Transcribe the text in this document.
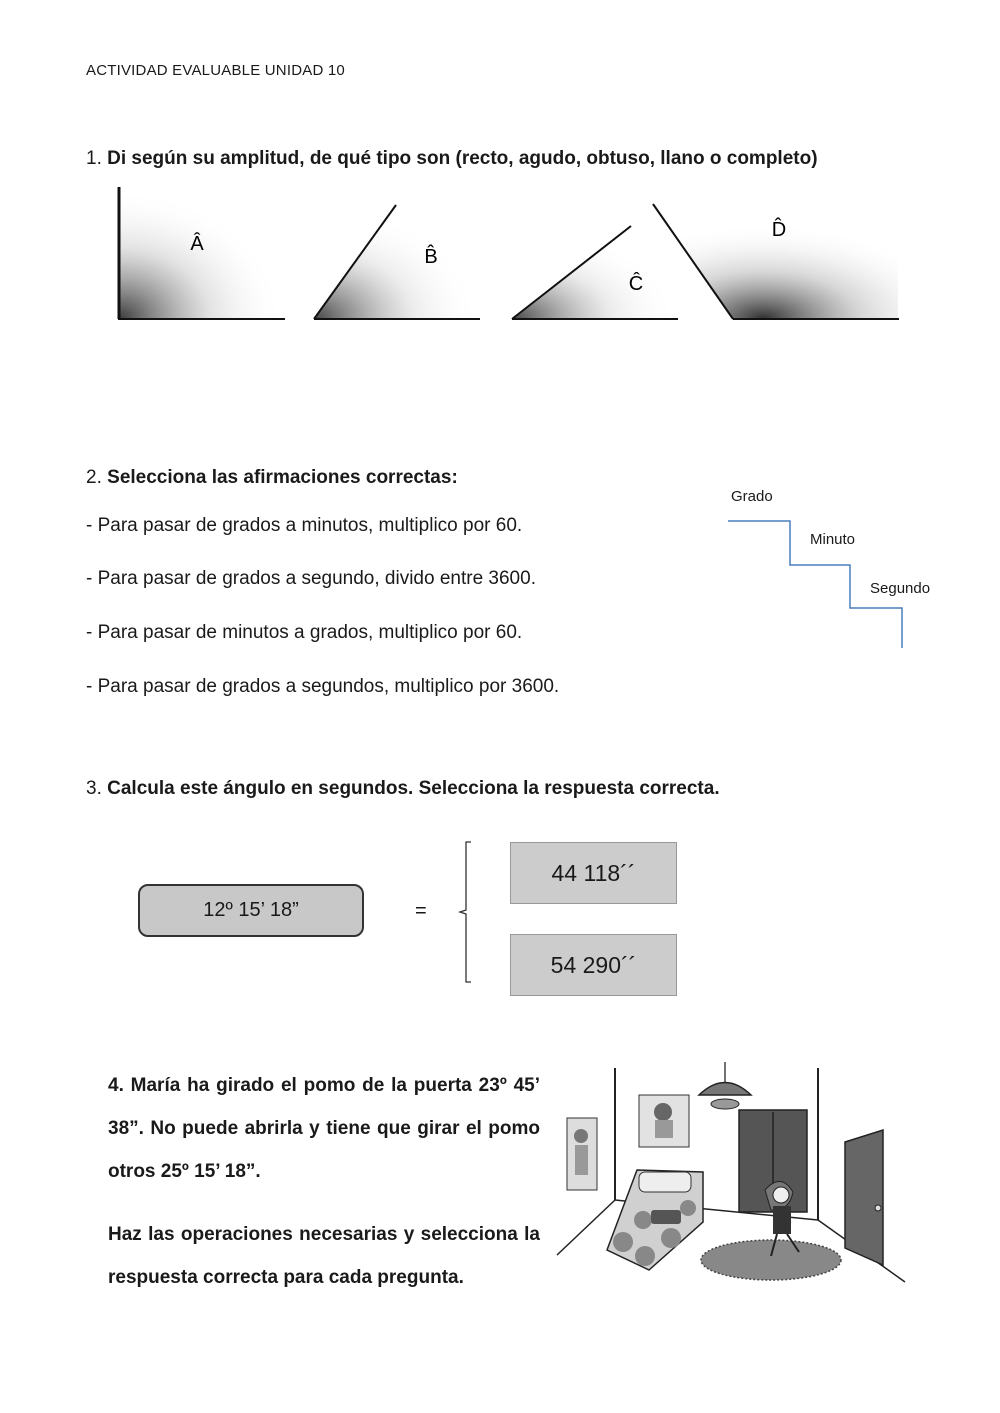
ACTIVIDAD EVALUABLE UNIDAD 10
1. Di según su amplitud, de qué tipo son (recto, agudo, obtuso, llano o completo)
Â
B̂
Ĉ
D̂
2. Selecciona las afirmaciones correctas:
- Para pasar de grados a minutos, multiplico por 60.
- Para pasar de grados a segundo, divido entre 3600.
- Para pasar de minutos a grados, multiplico por 60.
- Para pasar de grados a segundos, multiplico por 3600.
Grado
Minuto
Segundo
3. Calcula este ángulo en segundos. Selecciona la respuesta correcta.
12º 15’ 18”	=
44 118´´
54 290´´
4. María ha girado el pomo de la puerta 23º 45’ 38”. No puede abrirla y tiene que girar el pomo otros 25º 15’ 18”.
Haz las operaciones necesarias y selecciona la respuesta correcta para cada pregunta.
